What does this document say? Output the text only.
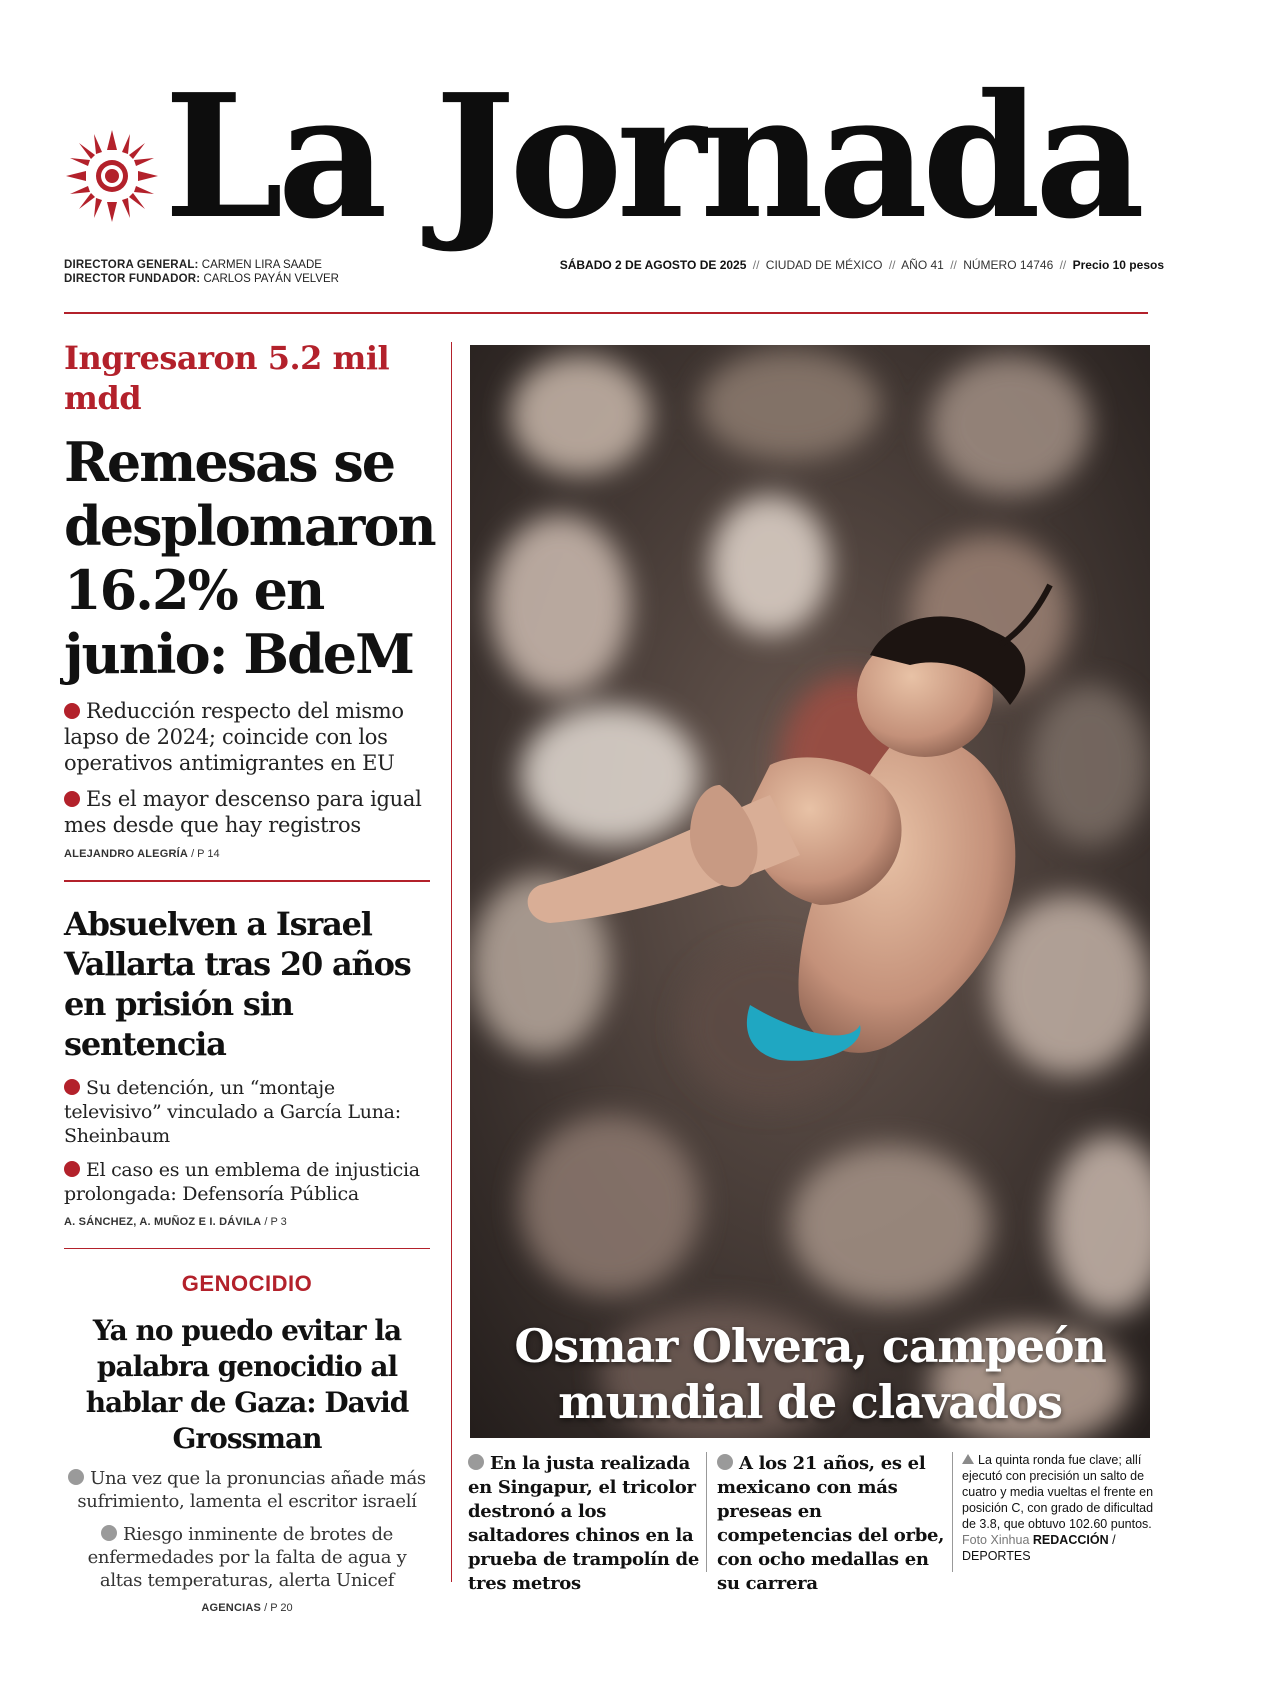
La Jornada
DIRECTORA GENERAL: CARMEN LIRA SAADE
DIRECTOR FUNDADOR: CARLOS PAYÁN VELVER
SÁBADO 2 DE AGOSTO DE 2025 // CIUDAD DE MÉXICO // AÑO 41 // NÚMERO 14746 // Precio 10 pesos
Ingresaron 5.2 mil mdd
Remesas se desplomaron 16.2% en junio: BdeM

Reducción respecto del mismo lapso de 2024; coincide con los operativos antimigrantes en EU

Es el mayor descenso para igual mes desde que hay registros

ALEJANDRO ALEGRÍA / P 14
Absuelven a Israel Vallarta tras 20 años en prisión sin sentencia

Su detención, un “montaje televisivo” vinculado a García Luna: Sheinbaum

El caso es un emblema de injusticia prolongada: Defensoría Pública

A. SÁNCHEZ, A. MUÑOZ E I. DÁVILA / P 3
GENOCIDIO
Ya no puedo evitar la palabra genocidio al hablar de Gaza: David Grossman

Una vez que la pronuncias añade más sufrimiento, lamenta el escritor israelí

Riesgo inminente de brotes de enfermedades por la falta de agua y altas temperaturas, alerta Unicef

AGENCIAS / P 20
Osmar Olvera, campeón mundial de clavados

En la justa realizada en Singapur, el tricolor destronó a los saltadores chinos en la prueba de trampolín de tres metros

A los 21 años, es el mexicano con más preseas en competencias del orbe, con ocho medallas en su carrera

La quinta ronda fue clave; allí ejecutó con precisión un salto de cuatro y media vueltas el frente en posición C, con grado de dificultad de 3.8, que obtuvo 102.60 puntos. Foto Xinhua REDACCIÓN / DEPORTES
